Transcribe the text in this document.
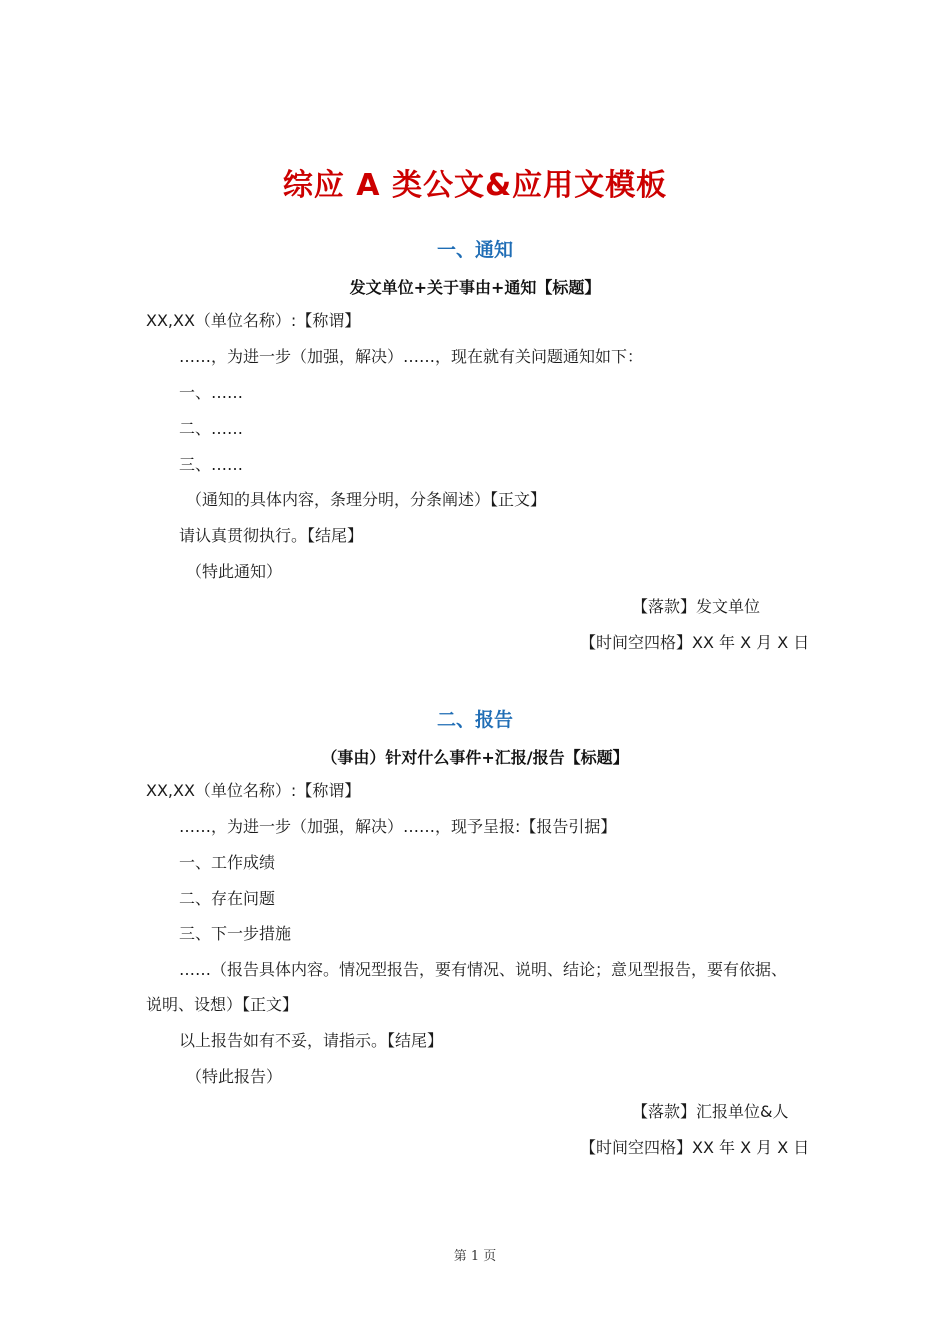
综应 A 类公文&应用文模板
一、通知
发文单位+关于事由+通知【标题】
XX,XX（单位名称）:【称谓】
……，为进一步（加强，解决）……，现在就有关问题通知如下：
一、……
二、……
三、……
（通知的具体内容，条理分明，分条阐述）【正文】
请认真贯彻执行。【结尾】
（特此通知）
【落款】发文单位
【时间空四格】XX 年 X 月 X 日
二、报告
（事由）针对什么事件+汇报/报告【标题】
XX,XX（单位名称）:【称谓】
……，为进一步（加强，解决）……，现予呈报:【报告引据】
一、工作成绩
二、存在问题
三、下一步措施
……（报告具体内容。情况型报告，要有情况、说明、结论；意见型报告，要有依据、
说明、设想）【正文】
以上报告如有不妥，请指示。【结尾】
（特此报告）
【落款】汇报单位&人
【时间空四格】XX 年 X 月 X 日
第 1 页
